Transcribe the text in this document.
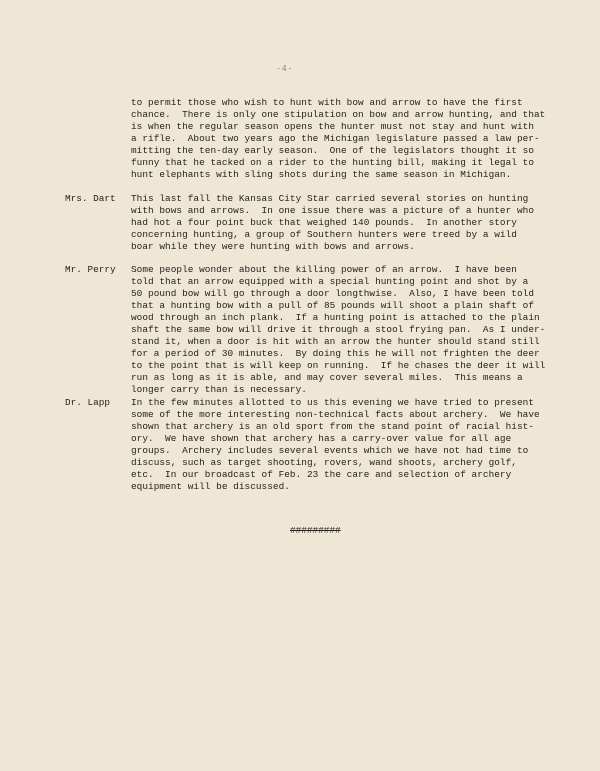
-4-
to permit those who wish to hunt with bow and arrow to have the first
chance.  There is only one stipulation on bow and arrow hunting, and that
is when the regular season opens the hunter must not stay and hunt with
a rifle.  About two years ago the Michigan legislature passed a law per-
mitting the ten-day early season.  One of the legislators thought it so
funny that he tacked on a rider to the hunting bill, making it legal to
hunt elephants with sling shots during the same season in Michigan.
Mrs. Dart This last fall the Kansas City Star carried several stories on hunting
with bows and arrows.  In one issue there was a picture of a hunter who
had hot a four point buck that weighed 140 pounds.  In another story
concerning hunting, a group of Southern hunters were treed by a wild
boar while they were hunting with bows and arrows.
Mr. Perry Some people wonder about the killing power of an arrow.  I have been
told that an arrow equipped with a special hunting point and shot by a
50 pound bow will go through a door longthwise.  Also, I have been told
that a hunting bow with a pull of 85 pounds will shoot a plain shaft of
wood through an inch plank.  If a hunting point is attached to the plain
shaft the same bow will drive it through a stool frying pan.  As I under-
stand it, when a door is hit with an arrow the hunter should stand still
for a period of 30 minutes.  By doing this he will not frighten the deer
to the point that is will keep on running.  If he chases the deer it will
run as long as it is able, and may cover several miles.  This means a
longer carry than is necessary.
Dr. Lapp In the few minutes allotted to us this evening we have tried to present
some of the more interesting non-technical facts about archery.  We have
shown that archery is an old sport from the stand point of racial hist-
ory.  We have shown that archery has a carry-over value for all age
groups.  Archery includes several events which we have not had time to
discuss, such as target shooting, rovers, wand shoots, archery golf,
etc.  In our broadcast of Feb. 23 the care and selection of archery
equipment will be discussed.
#########
